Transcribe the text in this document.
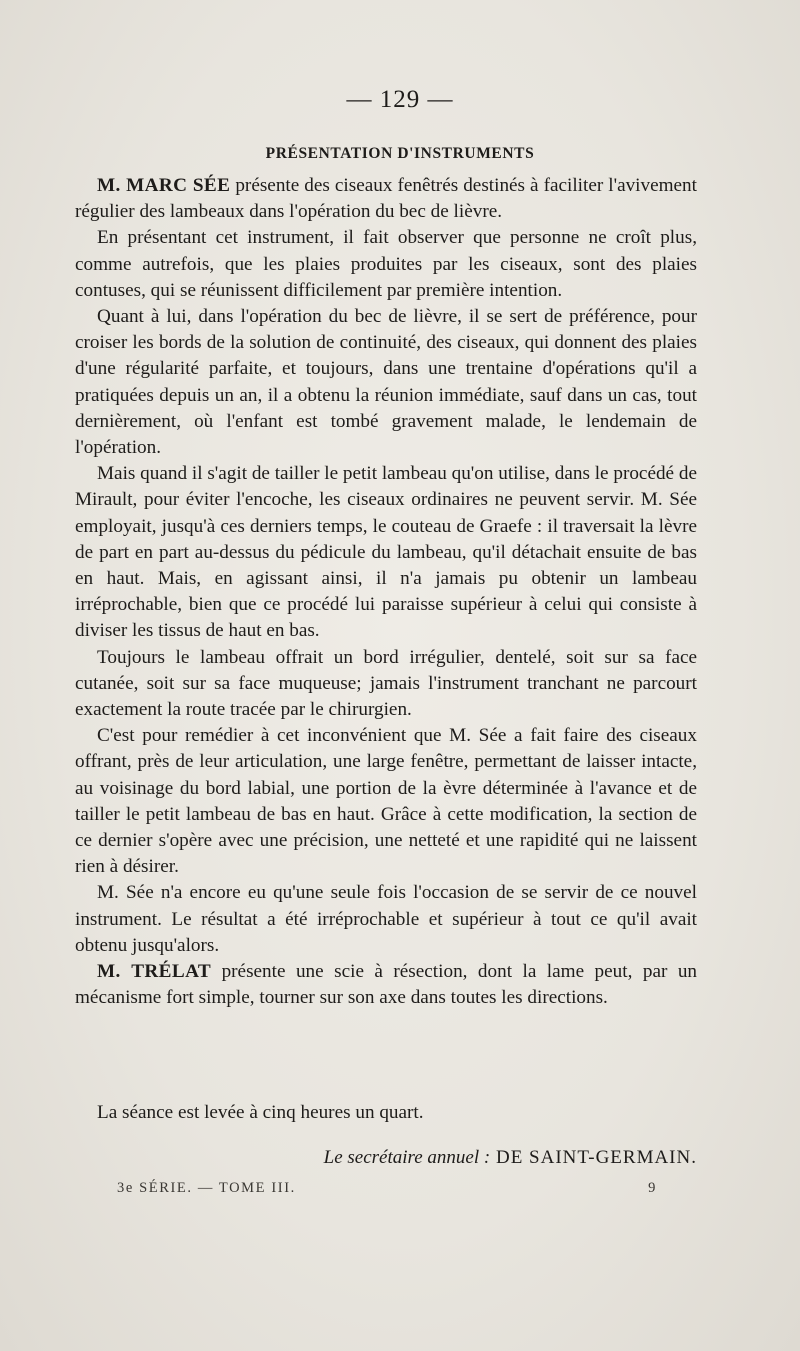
— 129 —
PRÉSENTATION D'INSTRUMENTS

M. MARC SÉE présente des ciseaux fenêtrés destinés à faciliter l'avivement régulier des lambeaux dans l'opération du bec de lièvre.

En présentant cet instrument, il fait observer que personne ne croît plus, comme autrefois, que les plaies produites par les ciseaux, sont des plaies contuses, qui se réunissent difficilement par première intention.

Quant à lui, dans l'opération du bec de lièvre, il se sert de préférence, pour croiser les bords de la solution de continuité, des ciseaux, qui donnent des plaies d'une régularité parfaite, et toujours, dans une trentaine d'opérations qu'il a pratiquées depuis un an, il a obtenu la réunion immédiate, sauf dans un cas, tout dernièrement, où l'enfant est tombé gravement malade, le lendemain de l'opération.

Mais quand il s'agit de tailler le petit lambeau qu'on utilise, dans le procédé de Mirault, pour éviter l'encoche, les ciseaux ordinaires ne peuvent servir. M. Sée employait, jusqu'à ces derniers temps, le couteau de Graefe : il traversait la lèvre de part en part au-dessus du pédicule du lambeau, qu'il détachait ensuite de bas en haut. Mais, en agissant ainsi, il n'a jamais pu obtenir un lambeau irréprochable, bien que ce procédé lui paraisse supérieur à celui qui consiste à diviser les tissus de haut en bas.

Toujours le lambeau offrait un bord irrégulier, dentelé, soit sur sa face cutanée, soit sur sa face muqueuse; jamais l'instrument tranchant ne parcourt exactement la route tracée par le chirurgien.

C'est pour remédier à cet inconvénient que M. Sée a fait faire des ciseaux offrant, près de leur articulation, une large fenêtre, permettant de laisser intacte, au voisinage du bord labial, une portion de la èvre déterminée à l'avance et de tailler le petit lambeau de bas en haut. Grâce à cette modification, la section de ce dernier s'opère avec une précision, une netteté et une rapidité qui ne laissent rien à désirer.

M. Sée n'a encore eu qu'une seule fois l'occasion de se servir de ce nouvel instrument. Le résultat a été irréprochable et supérieur à tout ce qu'il avait obtenu jusqu'alors.

M. TRÉLAT présente une scie à résection, dont la lame peut, par un mécanisme fort simple, tourner sur son axe dans toutes les directions.

La séance est levée à cinq heures un quart.
Le secrétaire annuel : DE SAINT-GERMAIN.
3e SÉRIE. — TOME III.	9
